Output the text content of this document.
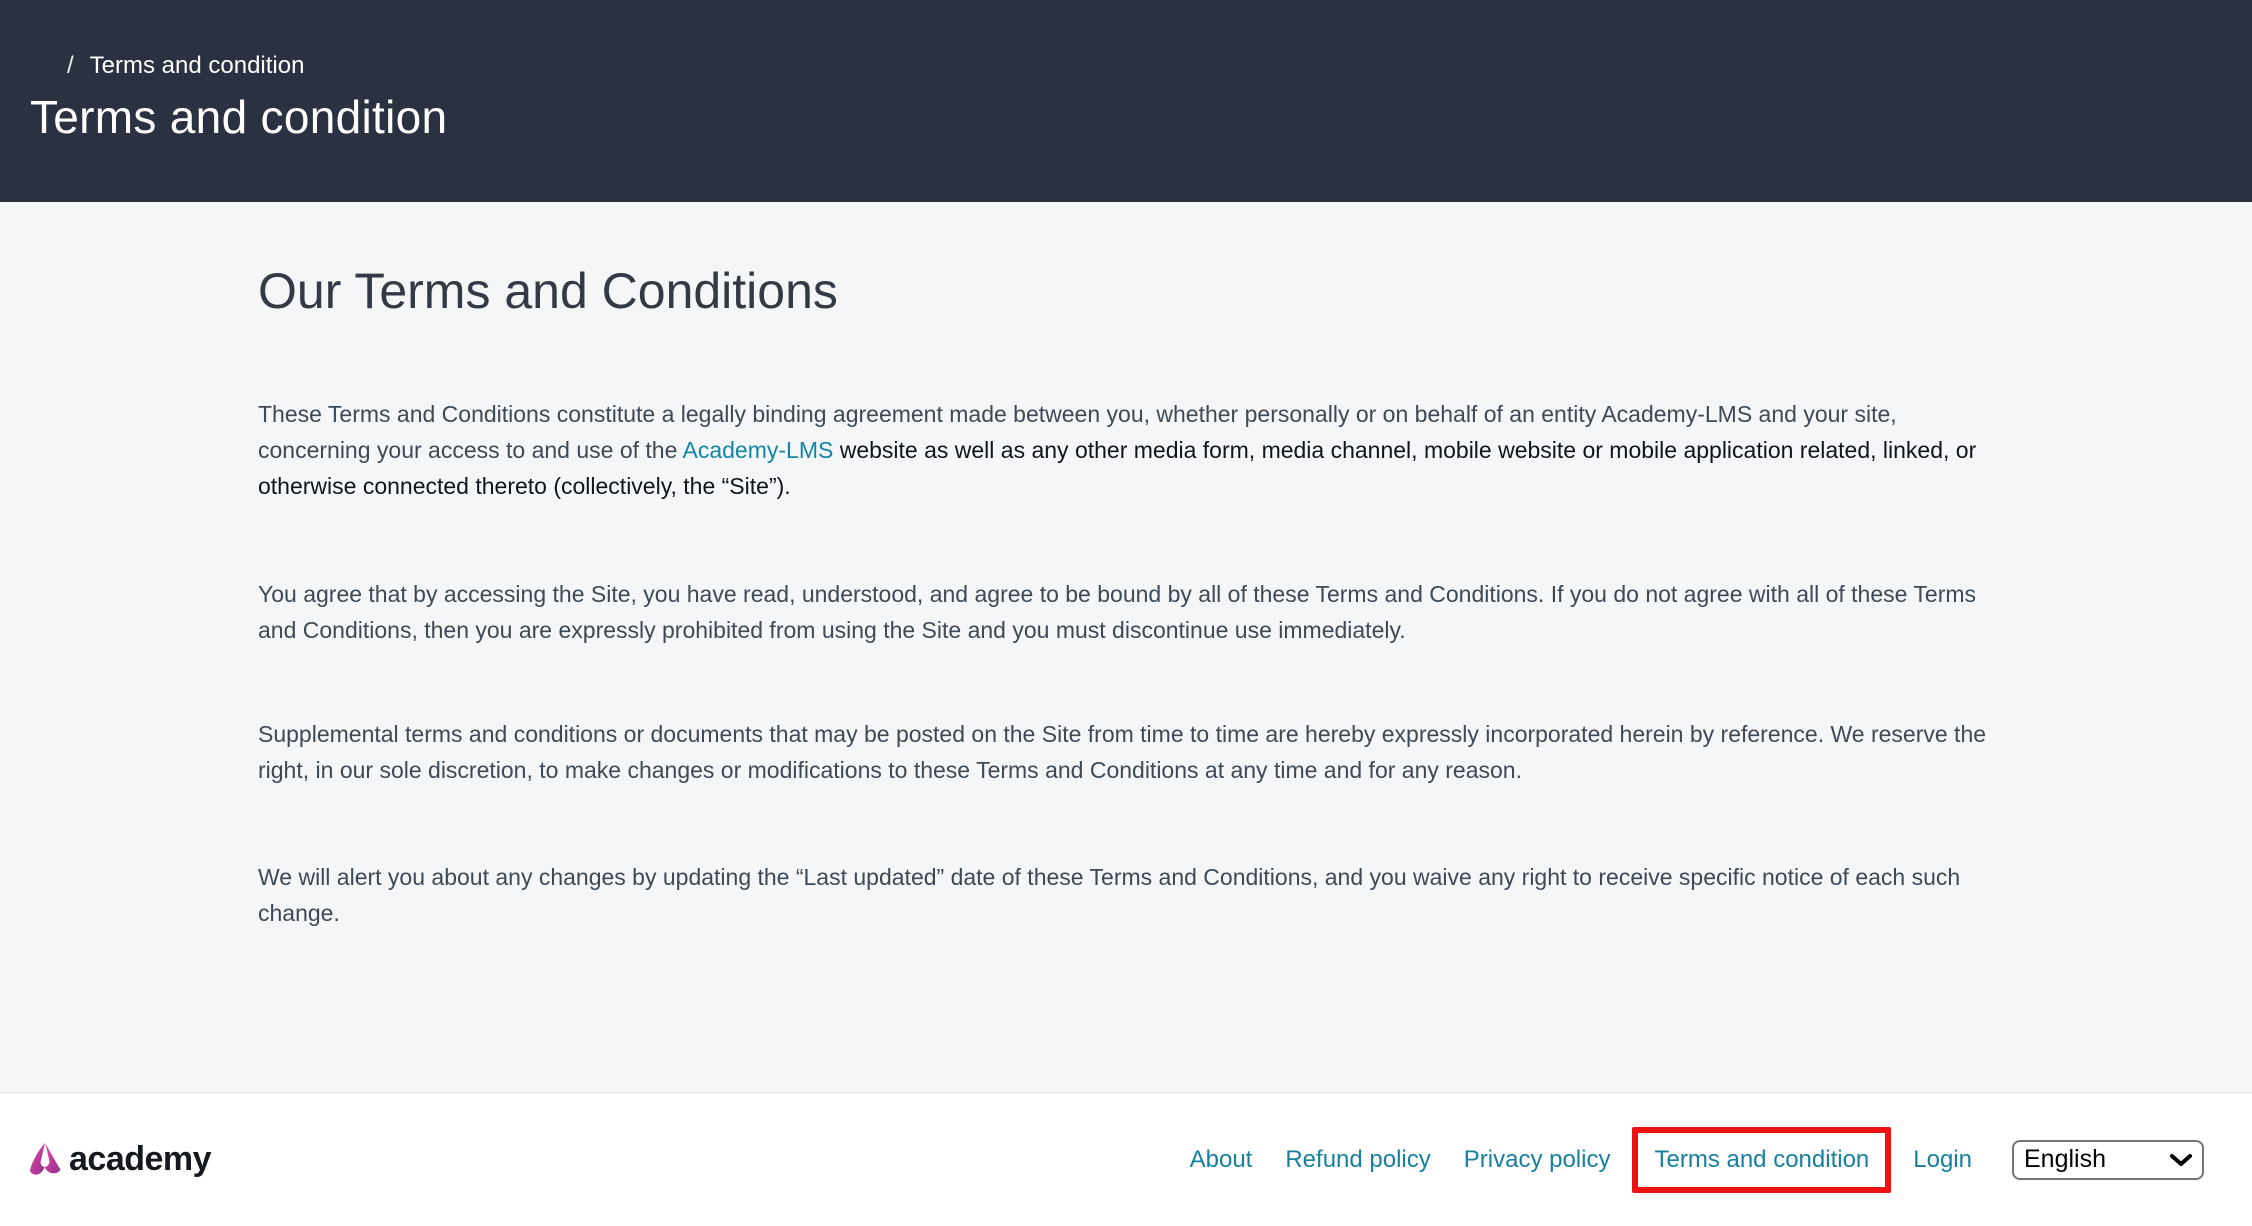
/ Terms and condition
Terms and condition
Our Terms and Conditions

These Terms and Conditions constitute a legally binding agreement made between you, whether personally or on behalf of an entity Academy-LMS and your site, concerning your access to and use of the Academy-LMS website as well as any other media form, media channel, mobile website or mobile application related, linked, or otherwise connected thereto (collectively, the “Site”).

You agree that by accessing the Site, you have read, understood, and agree to be bound by all of these Terms and Conditions. If you do not agree with all of these Terms and Conditions, then you are expressly prohibited from using the Site and you must discontinue use immediately.

Supplemental terms and conditions or documents that may be posted on the Site from time to time are hereby expressly incorporated herein by reference. We reserve the right, in our sole discretion, to make changes or modifications to these Terms and Conditions at any time and for any reason.

We will alert you about any changes by updating the “Last updated” date of these Terms and Conditions, and you waive any right to receive specific notice of each such change.

academy	About Refund policy Privacy policy Terms and condition Login
English
